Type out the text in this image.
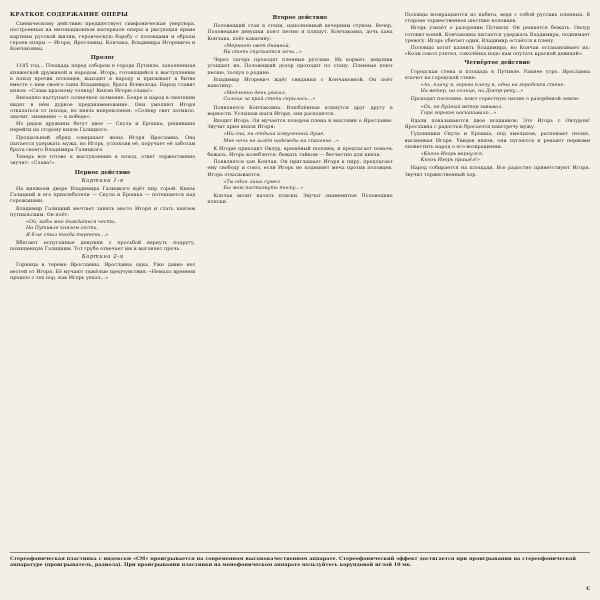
КРАТКОЕ СОДЕРЖАНИЕ ОПЕРЫ

Сценическому действию предшествует симфоническая увертюра, построенная на интонационном материале оперы и рисующая яркие картины русской жизни, героическую борьбу с половцами и образы героев оперы — Игоря, Ярославны, Кончака, Владимира Игоревича и Кончаковны.

Пролог

1185 год... Площадь перед собором в городе Путивле, заполненная княжеской дружиной и народом. Игорь, готовящийся к выступлению в поход против половцев, выходит к народу и призывает к битве вместе с ним своего сына Владимира, брата Всеволода. Народ славит князя: «Слава красному солнцу! Князю Игорю слава!»

Внезапно наступает солнечное затмение. Бояре и народ в смятении видят в нём дурное предзнаменование. Они умоляют Игоря отказаться от похода, но князь непреклонен: «Солнцу свет затмило, значит, знамение — к победе».

Из рядов дружины бегут двое — Скула и Ерошка, решившие перейти на сторону князя Галицкого.

Прощальный обряд совершает жена Игоря Ярославна. Она пытается удержать мужа, но Игорь, успокоив её, поручает её заботам брата своего Владимира Галицкого.

Теперь все готово к выступлению в поход, ответ торжественно звучит: «Слава!».

Первое действие
Картина 1-я

На княжьем дворе Владимира Галицкого идёт пир горой. Князь Галицкий и его прихлебатели — Скула и Ерошка — потешаются над горожанами.

Владимир Галицкий мечтает занять место Игоря и стать князем путивльским. Он поёт:

«Ой, кабы мне дождаться чести,
На Путивле князем сесть,
Я б не стал тогда терпеть…»

Вбегают испуганные девушки с просьбой вернуть подругу, похищенную Галицким. Тот грубо отвечает им и выгоняет прочь.

Картина 2-я

Горница в тереме Ярославны. Ярославна одна. Уже давно нет вестей от Игоря. Её мучают тяжёлые предчувствия: «Немало времени прошло с тех пор, как Игорь уехал…»

Второе действие

Половецкий стан в степи, наполненный вечерним стуком. Вечер. Половецкие девушки поют песню и пляшут. Кончаковна, дочь хана Кончака, поёт каватину:

«Меркнет свет дневной,
На степь спускается ночь…»

Через лагерь проходят пленные русские. Их кормят, девушки угощают их. Половецкий дозор проходит по стану. Пленные поют песню, тоскуя о родине.

Владимир Игоревич ждёт свидания с Кончаковной. Он поёт каватину:

«Медленно день угасал,
Солнце за край степи скрылось…»

Появляется Кончаковна. Влюблённые клянутся друг другу в верности. Услышав шаги Игоря, они расходятся.

Входит Игорь. Он мучается позором плена и мыслями о Ярославне. Звучит ария князя Игоря:

«Ни сна, ни отдыха измученной душе,
Мне ночь не шлёт надежды на спасенье…»

К Игорю приходит Овлур, крещёный половец, и предлагает помочь бежать. Игорь колеблется: бежать тайком — бесчестно для князя.

Появляется хан Кончак. Он приглашает Игоря к пиру, предлагает ему свободу и союз, если Игорь не поднимет меча против половцев. Игорь отказывается.

«Ты один лишь сумел
Бы мою постигнуть тоску…»

Кончак велит начать пляски. Звучат знаменитые Половецкие пляски.

Половцы возвращаются из набега, ведя с собой русских пленных. В стороне торжественное шествие половцев.

Игорь узнаёт о разорении Путивля. Он решается бежать. Овлур готовит коней. Кончаковна пытается удержать Владимира, поднимает тревогу. Игорь убегает один, Владимир остаётся в плену.

Половцы хотят казнить Владимира, но Кончак останавливает их: «Коли сокол улетел, соколёнка надо нам опутать красной девицей».

Четвёртое действие

Городская стена и площадь в Путивле. Раннее утро. Ярославна плачет на городской стене:

«Ах, плачу я, горько плачу я, одна на городской стене,
На ветер, на солнце, на Днепр-реку…»

Проходят поселяне, поют горестную песню о разорённой земле:

«Ох, не буйный ветер завывал,
Горе горькое наскакивало…»

Вдали показываются двое всадников. Это Игорь с Овлуром! Ярославна с радостью бросается навстречу мужу.

Гудошники Скула и Ерошка, под хмельком, распевают песню, высмеивая Игоря. Увидев князя, они пугаются и решают первыми оповестить народ о его возвращении.

«Князь Игорь вернулся,
Князь Игорь пришёл!»

Народ собирается на площади. Все радостно приветствуют Игоря. Звучит торжественный хор.

Стереофоническая пластинка с индексом «СМ» проигрывается на современном высококачественном аппарате. Стереофонический эффект достигается при проигрывании на стереофонической аппаратуре (проигрыватель, радиола). При проигрывании пластинки на монофоническом аппарате пользуйтесь корундовой иглой 10 мк.
с
